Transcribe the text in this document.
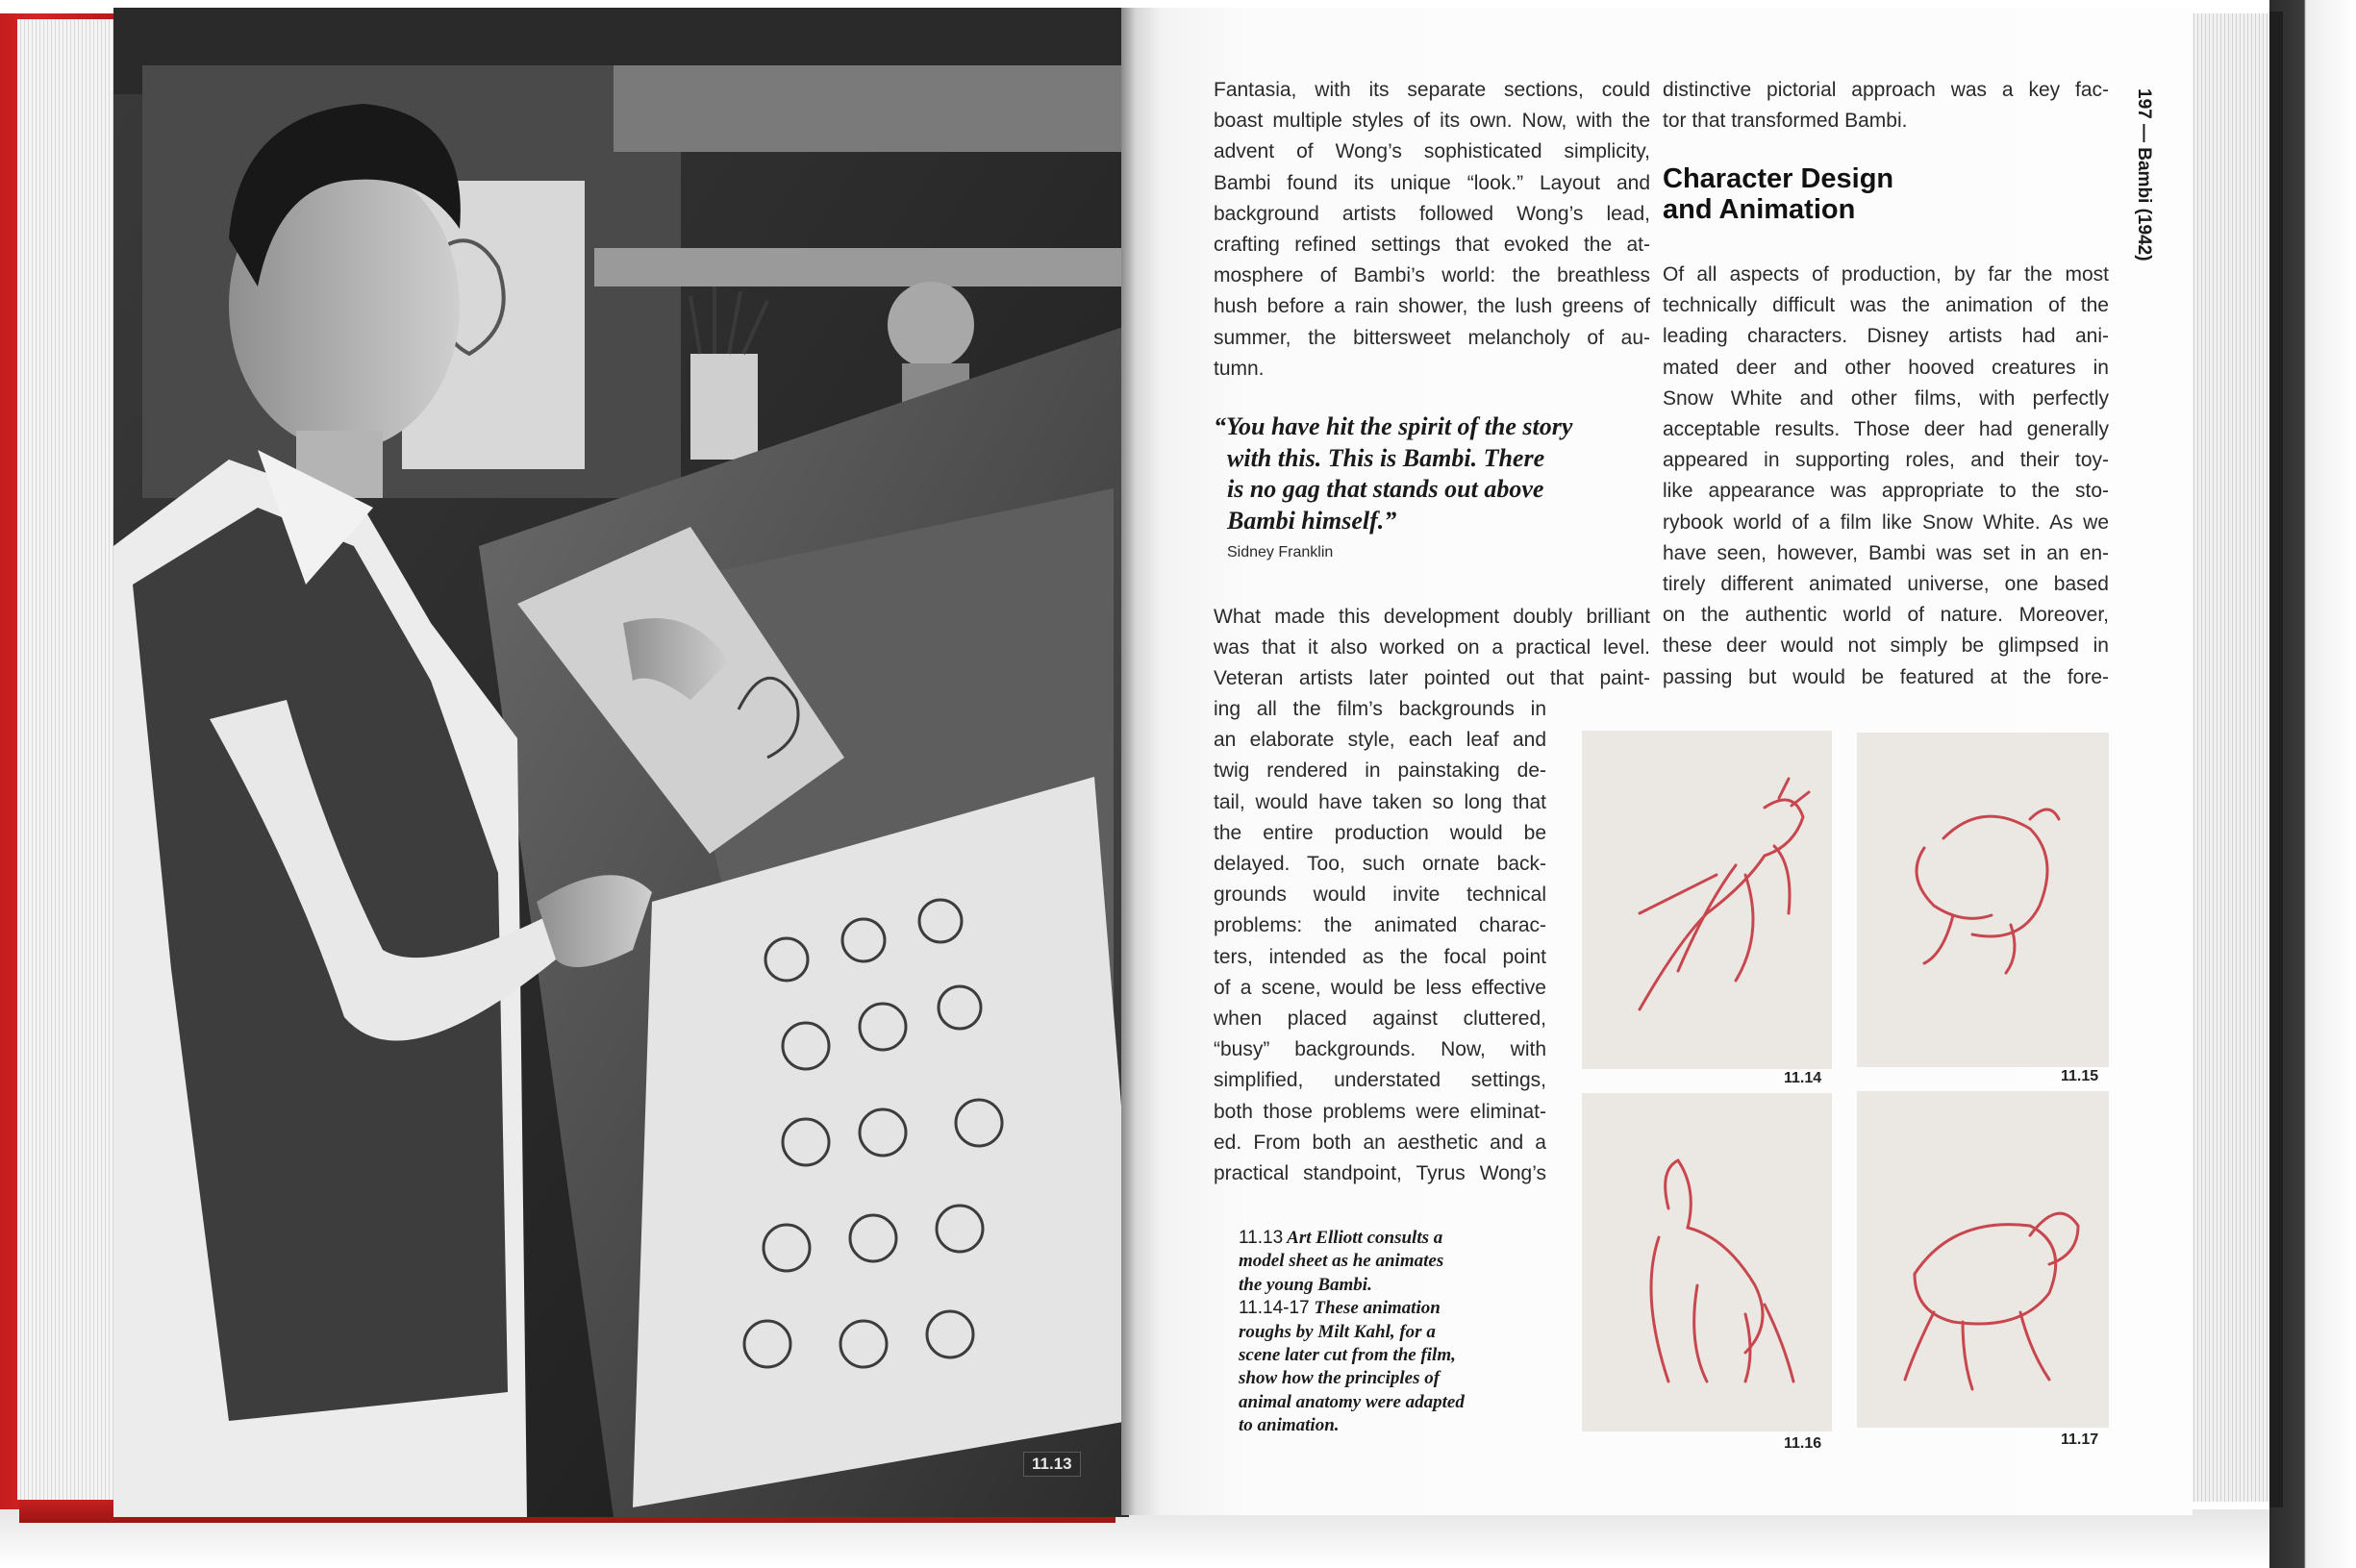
11.13
Fantasia, with its separate sections, could
boast multiple styles of its own. Now, with the
advent of Wong’s sophisticated simplicity,
Bambi found its unique “look.” Layout and
background artists followed Wong’s lead,
crafting refined settings that evoked the at-
mosphere of Bambi’s world: the breathless
hush before a rain shower, the lush greens of
summer, the bittersweet melancholy of au-
tumn.
“You have hit the spirit of the story
with this. This is Bambi. There
is no gag that stands out above
Bambi himself.”
Sidney Franklin
What made this development doubly brilliant
was that it also worked on a practical level.
Veteran artists later pointed out that paint-
ing all the film’s backgrounds in
an elaborate style, each leaf and
twig rendered in painstaking de-
tail, would have taken so long that
the entire production would be
delayed. Too, such ornate back-
grounds would invite technical
problems: the animated charac-
ters, intended as the focal point
of a scene, would be less effective
when placed against cluttered,
“busy” backgrounds. Now, with
simplified, understated settings,
both those problems were eliminat-
ed. From both an aesthetic and a
practical standpoint, Tyrus Wong’s
distinctive pictorial approach was a key fac-
tor that transformed Bambi.
Character Design
and Animation
Of all aspects of production, by far the most
technically difficult was the animation of the
leading characters. Disney artists had ani-
mated deer and other hooved creatures in
Snow White and other films, with perfectly
acceptable results. Those deer had generally
appeared in supporting roles, and their toy-
like appearance was appropriate to the sto-
rybook world of a film like Snow White. As we
have seen, however, Bambi was set in an en-
tirely different animated universe, one based
on the authentic world of nature. Moreover,
these deer would not simply be glimpsed in
passing but would be featured at the fore-
197 — Bambi (1942)
11.14	11.15
11.16	11.17
11.13 Art Elliott consults a
model sheet as he animates
the young Bambi.
11.14-17 These animation
roughs by Milt Kahl, for a
scene later cut from the film,
show how the principles of
animal anatomy were adapted
to animation.
